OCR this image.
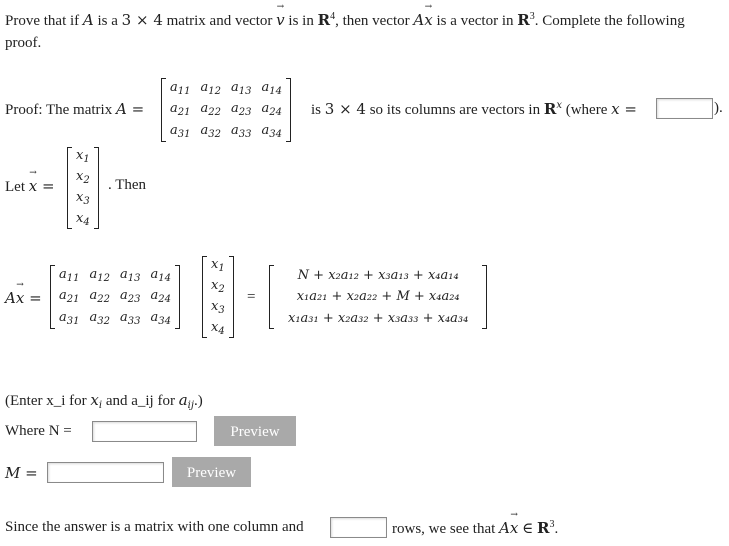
Prove that if A is a 3 × 4 matrix and vector v → is in $R^4$, then vector Ax → is a vector in $R^3$. Complete the following
proof.
Proof: The matrix A =
$a_{11}$ $a_{12}$ $a_{13}$ $a_{14}$
$a_{21}$ $a_{22}$ $a_{23}$ $a_{24}$
$a_{31}$ $a_{32}$ $a_{33}$ $a_{34}$
is 3 × 4 so its columns are vectors in $R^x$ (where x =	).
Let x → =
$x_1$
$x_2$
$x_3$
$x_4$
. Then
Ax → =
$a_{11}$ $a_{12}$ $a_{13}$ $a_{14}$
$a_{21}$ $a_{22}$ $a_{23}$ $a_{24}$
$a_{31}$ $a_{32}$ $a_{33}$ $a_{34}$
$x_1$
$x_2$
$x_3$
$x_4$
=
N + x₂a₁₂ + x₃a₁₃ + x₄a₁₄
x₁a₂₁ + x₂a₂₂ + M + x₄a₂₄
x₁a₃₁ + x₂a₃₂ + x₃a₃₃ + x₄a₃₄
(Enter x_i for $x_i$ and a_ij for $a_{ij}$.)
Where N =	Preview
M =	Preview
Since the answer is a matrix with one column and	rows, we see that Ax → ∈ $R^3$.
